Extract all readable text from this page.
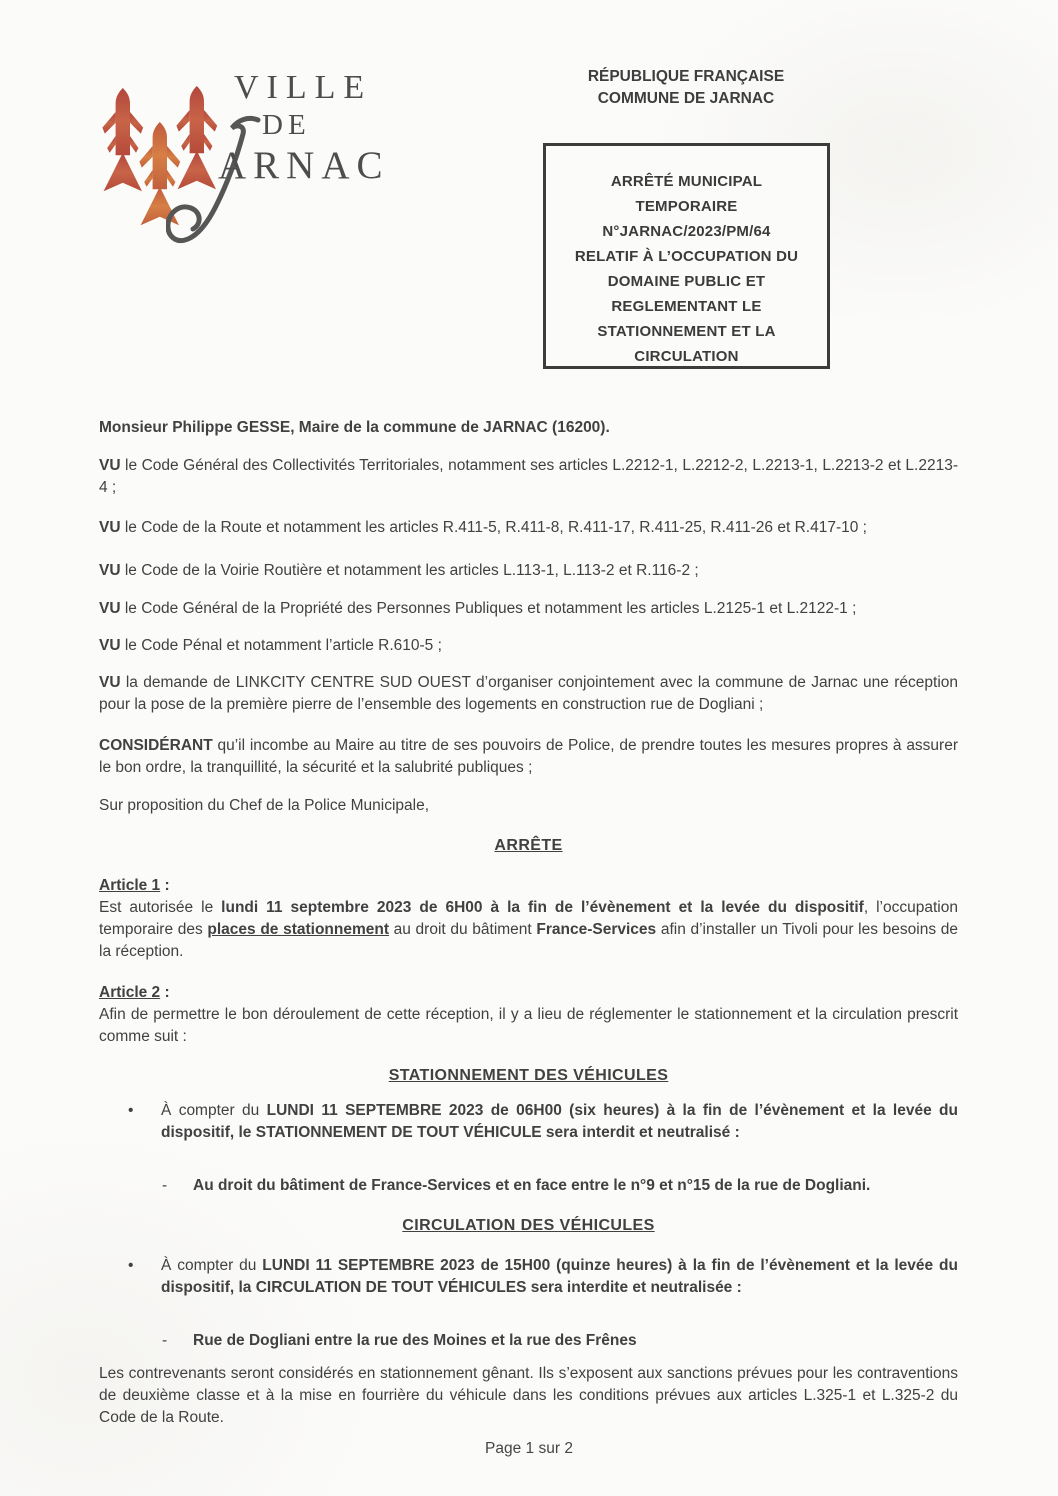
VILLE
DE
ARNAC
RÉPUBLIQUE FRANÇAISE
COMMUNE DE JARNAC
ARRÊTÉ MUNICIPAL
TEMPORAIRE
N°JARNAC/2023/PM/64
RELATIF À L’OCCUPATION DU
DOMAINE PUBLIC ET
REGLEMENTANT LE
STATIONNEMENT ET LA
CIRCULATION

Monsieur Philippe GESSE, Maire de la commune de JARNAC (16200).

VU le Code Général des Collectivités Territoriales, notamment ses articles L.2212-1, L.2212-2, L.2213-1, L.2213-2 et L.2213-4 ;

VU le Code de la Route et notamment les articles R.411-5, R.411-8, R.411-17, R.411-25, R.411-26 et R.417-10 ;

VU le Code de la Voirie Routière et notamment les articles L.113-1, L.113-2 et R.116-2 ;

VU le Code Général de la Propriété des Personnes Publiques et notamment les articles L.2125-1 et L.2122-1 ;

VU le Code Pénal et notamment l’article R.610-5 ;

VU la demande de LINKCITY CENTRE SUD OUEST d’organiser conjointement avec la commune de Jarnac une réception pour la pose de la première pierre de l’ensemble des logements en construction rue de Dogliani ;

CONSIDÉRANT qu’il incombe au Maire au titre de ses pouvoirs de Police, de prendre toutes les mesures propres à assurer le bon ordre, la tranquillité, la sécurité et la salubrité publiques ;

Sur proposition du Chef de la Police Municipale,

ARRÊTE

Article 1 :

Est autorisée le lundi 11 septembre 2023 de 6H00 à la fin de l’évènement et la levée du dispositif, l’occupation temporaire des places de stationnement au droit du bâtiment France-Services afin d’installer un Tivoli pour les besoins de la réception.

Article 2 :

Afin de permettre le bon déroulement de cette réception, il y a lieu de réglementer le stationnement et la circulation prescrit comme suit :

STATIONNEMENT DES VÉHICULES

•	À compter du LUNDI 11 SEPTEMBRE 2023 de 06H00 (six heures) à la fin de l’évènement et la levée du dispositif, le STATIONNEMENT DE TOUT VÉHICULE sera interdit et neutralisé :
-	Au droit du bâtiment de France-Services et en face entre le n°9 et n°15 de la rue de Dogliani.

CIRCULATION DES VÉHICULES

•	À compter du LUNDI 11 SEPTEMBRE 2023 de 15H00 (quinze heures) à la fin de l’évènement et la levée du dispositif, la CIRCULATION DE TOUT VÉHICULES sera interdite et neutralisée :
-	Rue de Dogliani entre la rue des Moines et la rue des Frênes

Les contrevenants seront considérés en stationnement gênant. Ils s’exposent aux sanctions prévues pour les contraventions de deuxième classe et à la mise en fourrière du véhicule dans les conditions prévues aux articles L.325-1 et L.325-2 du Code de la Route.

Page 1 sur 2
